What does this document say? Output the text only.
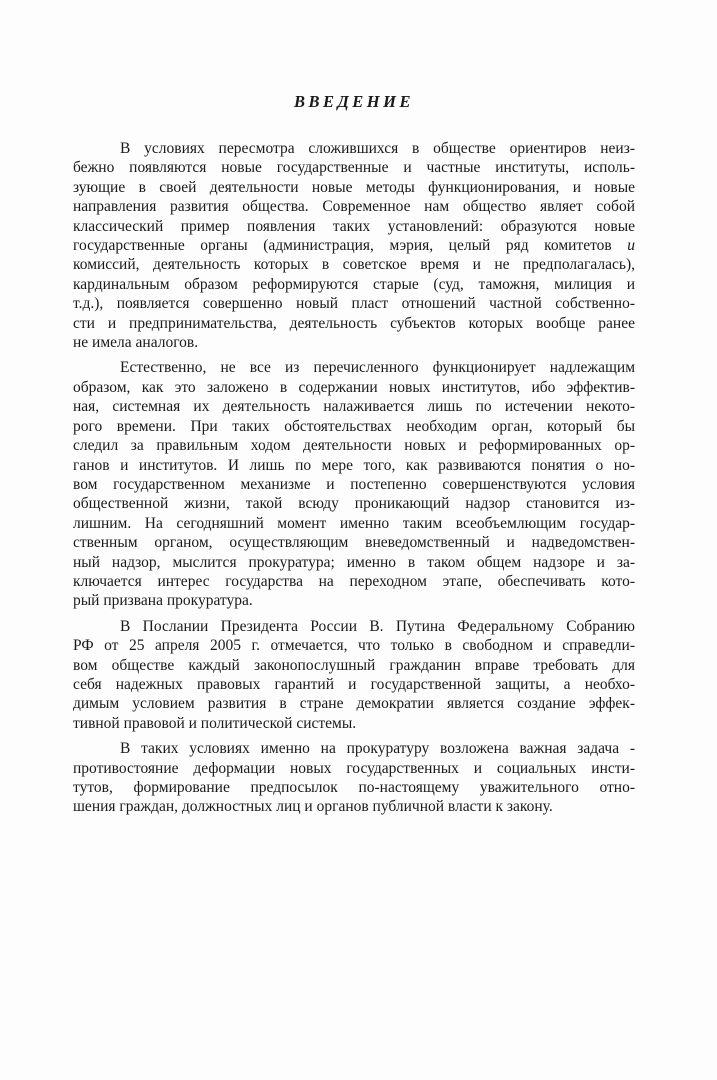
ВВЕДЕНИЕ
В условиях пересмотра сложившихся в обществе ориентиров неиз-
бежно появляются новые государственные и частные институты, исполь-
зующие в своей деятельности новые методы функционирования, и новые
направления развития общества. Современное нам общество являет собой
классический пример появления таких установлений: образуются новые
государственные органы (администрация, мэрия, целый ряд комитетов и
комиссий, деятельность которых в советское время и не предполагалась),
кардинальным образом реформируются старые (суд, таможня, милиция и
т.д.), появляется совершенно новый пласт отношений частной собственно-
сти и предпринимательства, деятельность субъектов которых вообще ранее
не имела аналогов.
Естественно, не все из перечисленного функционирует надлежащим
образом, как это заложено в содержании новых институтов, ибо эффектив-
ная, системная их деятельность налаживается лишь по истечении некото-
рого времени. При таких обстоятельствах необходим орган, который бы
следил за правильным ходом деятельности новых и реформированных ор-
ганов и институтов. И лишь по мере того, как развиваются понятия о но-
вом государственном механизме и постепенно совершенствуются условия
общественной жизни, такой всюду проникающий надзор становится из-
лишним. На сегодняшний момент именно таким всеобъемлющим государ-
ственным органом, осуществляющим вневедомственный и надведомствен-
ный надзор, мыслится прокуратура; именно в таком общем надзоре и за-
ключается интерес государства на переходном этапе, обеспечивать кото-
рый призвана прокуратура.
В Послании Президента России В. Путина Федеральному Собранию
РФ от 25 апреля 2005 г. отмечается, что только в свободном и справедли-
вом обществе каждый законопослушный гражданин вправе требовать для
себя надежных правовых гарантий и государственной защиты, а необхо-
димым условием развития в стране демократии является создание эффек-
тивной правовой и политической системы.
В таких условиях именно на прокуратуру возложена важная задача -
противостояние деформации новых государственных и социальных инсти-
тутов, формирование предпосылок по-настоящему уважительного отно-
шения граждан, должностных лиц и органов публичной власти к закону.
